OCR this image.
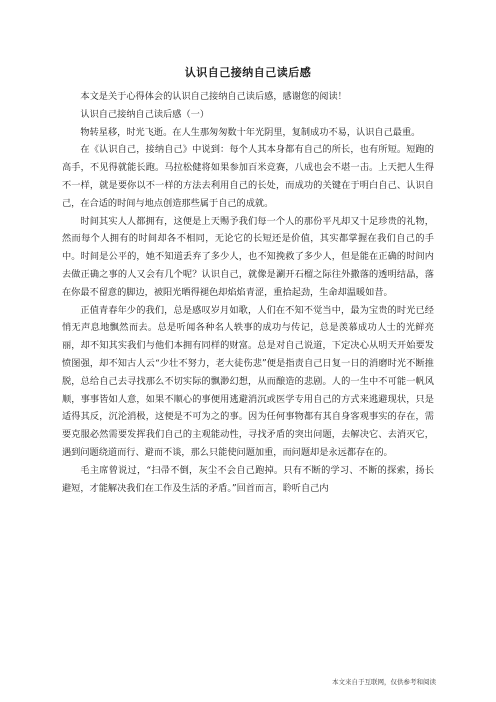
认识自己接纳自己读后感

本文是关于心得体会的认识自己接纳自己读后感，感谢您的阅读！

认识自己接纳自己读后感（一）

物转星移，时光飞逝。在人生那匆匆数十年光阴里，复制成功不易，认识自己最重。

在《认识自己，接纳自己》中说到：每个人其本身都有自己的所长，也有所短。短跑的高手，不见得就能长跑。马拉松健将如果参加百米竞赛，八成也会不堪一击。上天把人生得不一样，就是要你以不一样的方法去利用自己的长处，而成功的关键在于明白自己、认识自己，在合适的时间与地点创造那些属于自己的成就。

时间其实人人都拥有，这便是上天赐予我们每一个人的那份平凡却又十足珍贵的礼物，然而每个人拥有的时间却各不相同，无论它的长短还是价值，其实都掌握在我们自己的手中。时间是公平的，她不知道丢弃了多少人，也不知挽救了多少人，但是能在正确的时间内去做正确之事的人又会有几个呢？认识自己，就像是涮开石榴之际往外撒落的透明结晶，落在你最不留意的脚边，被阳光晒得褪色却焰焰青涩，重拾起劲，生命却温暖如昔。

正值青春年少的我们，总是感叹岁月如歌，人们在不知不觉当中，最为宝贵的时光已经悄无声息地飘然而去。总是听闻各种名人轶事的成功与传记，总是羡慕成功人士的光鲜亮丽，却不知其实我们与他们本拥有同样的财富。总是对自己说道，下定决心从明天开始要发愤图强，却不知古人云“少壮不努力，老大徒伤悲”便是指责自己日复一日的消磨时光不断推脱，总给自己去寻找那么不切实际的飘渺幻想，从而酿造的悲剧。人的一生中不可能一帆风顺，事事皆如人意，如果不顺心的事便用逃避消沉或医学专用自己的方式来逃避现状，只是适得其反，沉沦消极，这便是不可为之的事。因为任何事物都有其自身客观事实的存在，需要克服必然需要发挥我们自己的主观能动性，寻找矛盾的突出问题，去解决它、去消灭它，遇到问题绕道而行、避而不谈，那么只能使问题加重，而问题却是永远都存在的。

毛主席曾说过，“扫帚不倒，灰尘不会自己跑掉。只有不断的学习、不断的探索，扬长避短，才能解决我们在工作及生活的矛盾。”回首而言，聆听自己内

本文来自于互联网，仅供参考和阅读
